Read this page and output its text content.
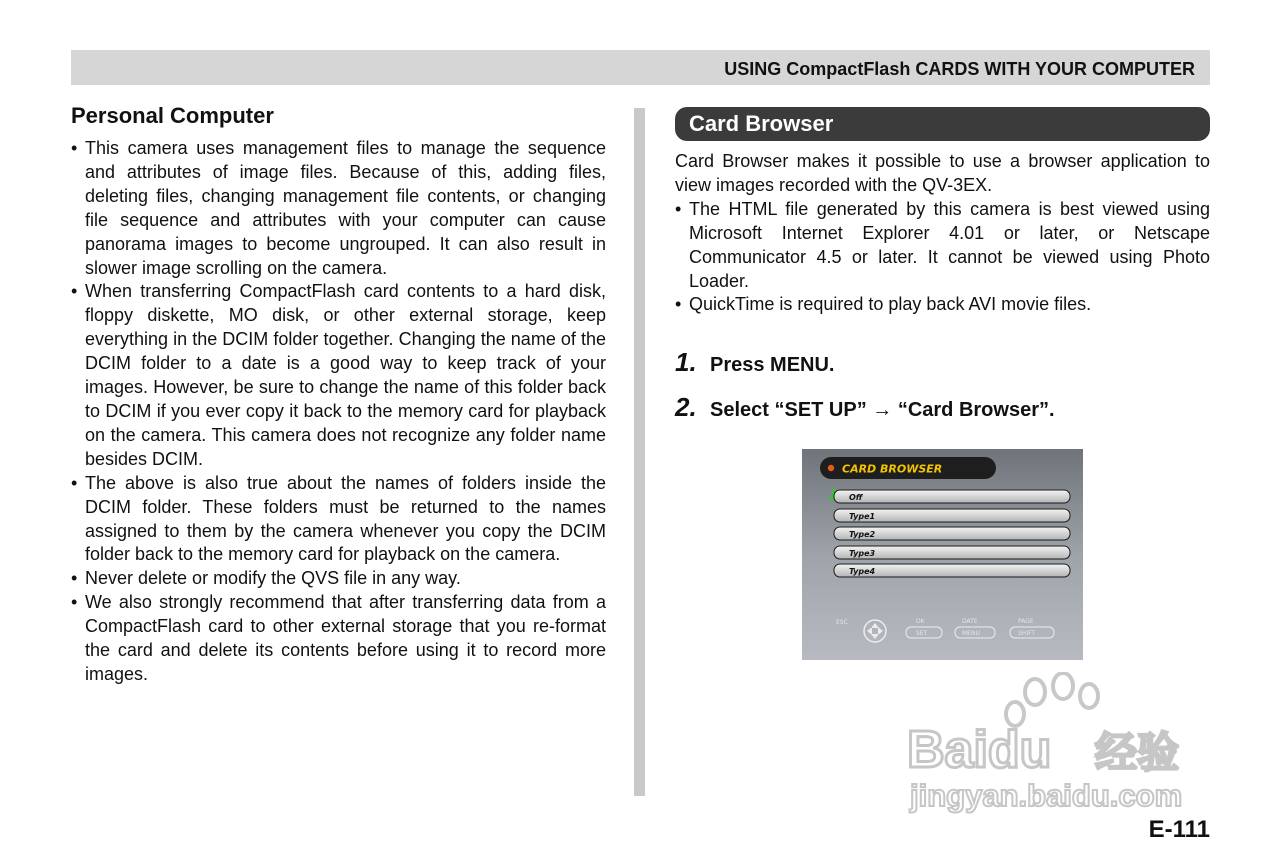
USING CompactFlash CARDS WITH YOUR COMPUTER
Personal Computer
• This camera uses management files to manage the sequence and attributes of image files. Because of this, adding files, deleting files, changing management file contents, or changing file sequence and attributes with your computer can cause panorama images to become ungrouped. It can also result in slower image scrolling on the camera.
• When transferring CompactFlash card contents to a hard disk, floppy diskette, MO disk, or other external storage, keep everything in the DCIM folder together. Changing the name of the DCIM folder to a date is a good way to keep track of your images. However, be sure to change the name of this folder back to DCIM if you ever copy it back to the memory card for playback on the camera. This camera does not recognize any folder name besides DCIM.
• The above is also true about the names of folders inside the DCIM folder. These folders must be returned to the names assigned to them by the camera whenever you copy the DCIM folder back to the memory card for playback on the camera.
• Never delete or modify the QVS file in any way.
• We also strongly recommend that after transferring data from a CompactFlash card to other external storage that you re-format the card and delete its contents before using it to record more images.
Card Browser
Card Browser makes it possible to use a browser application to view images recorded with the QV-3EX.
• The HTML file generated by this camera is best viewed using Microsoft Internet Explorer 4.01 or later, or Netscape Communicator 4.5 or later. It cannot be viewed using Photo Loader.
• QuickTime is required to play back AVI movie files.
1. Press MENU.
2. Select “SET UP” → “Card Browser”.
CARD BROWSER
Off
Type1
Type2
Type3
Type4
ESC	OK
SET
DATE
MENU
PAGE
SHIFT
Baidu 经验
jingyan.baidu.com
E-111
